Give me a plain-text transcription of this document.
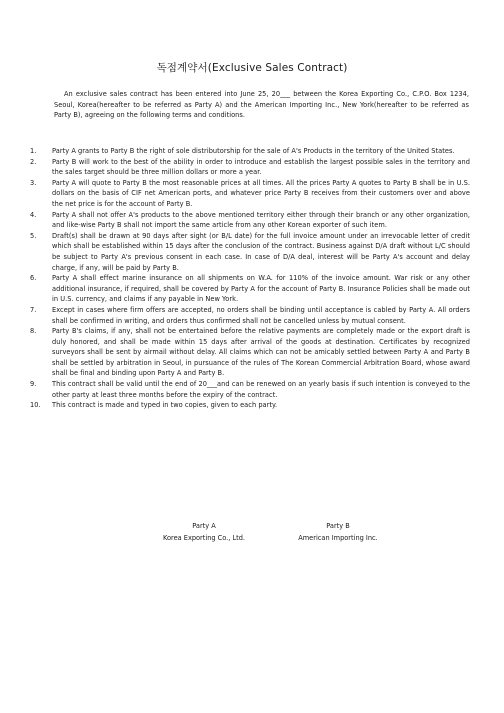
독점계약서(Exclusive Sales Contract)

An exclusive sales contract has been entered into June 25, 20___ between the Korea Exporting Co., C.P.O. Box 1234, Seoul, Korea(hereafter to be referred as Party A) and the American Importing Inc., New York(hereafter to be referred as Party B), agreeing on the following terms and conditions.

1.	Party A grants to Party B the right of sole distributorship for the sale of A's Products in the territory of the United States.
2.	Party B will work to the best of the ability in order to introduce and establish the largest possible sales in the territory and the sales target should be three million dollars or more a year.
3.	Party A will quote to Party B the most reasonable prices at all times. All the prices Party A quotes to Party B shall be in U.S. dollars on the basis of CIF net American ports, and whatever price Party B receives from their customers over and above the net price is for the account of Party B.
4.	Party A shall not offer A's products to the above mentioned territory either through their branch or any other organization, and like-wise Party B shall not import the same article from any other Korean exporter of such item.
5.	Draft(s) shall be drawn at 90 days after sight (or B/L date) for the full invoice amount under an irrevocable letter of credit which shall be established within 15 days after the conclusion of the contract. Business against D/A draft without L/C should be subject to Party A's previous consent in each case. In case of D/A deal, interest will be Party A's account and delay charge, if any, will be paid by Party B.
6.	Party A shall effect marine insurance on all shipments on W.A. for 110% of the invoice amount. War risk or any other additional insurance, if required, shall be covered by Party A for the account of Party B. Insurance Policies shall be made out in U.S. currency, and claims if any payable in New York.
7.	Except in cases where firm offers are accepted, no orders shall be binding until acceptance is cabled by Party A. All orders shall be confirmed in writing, and orders thus confirmed shall not be cancelled unless by mutual consent.
8.	Party B's claims, if any, shall not be entertained before the relative payments are completely made or the export draft is duly honored, and shall be made within 15 days after arrival of the goods at destination. Certificates by recognized surveyors shall be sent by airmail without delay. All claims which can not be amicably settled between Party A and Party B shall be settled by arbitration in Seoul, in pursuance of the rules of The Korean Commercial Arbitration Board, whose award shall be final and binding upon Party A and Party B.
9.	This contract shall be valid until the end of 20___and can be renewed on an yearly basis if such intention is conveyed to the other party at least three months before the expiry of the contract.
10.	This contract is made and typed in two copies, given to each party.
Party A
Korea Exporting Co., Ltd.
Party B
American Importing Inc.
